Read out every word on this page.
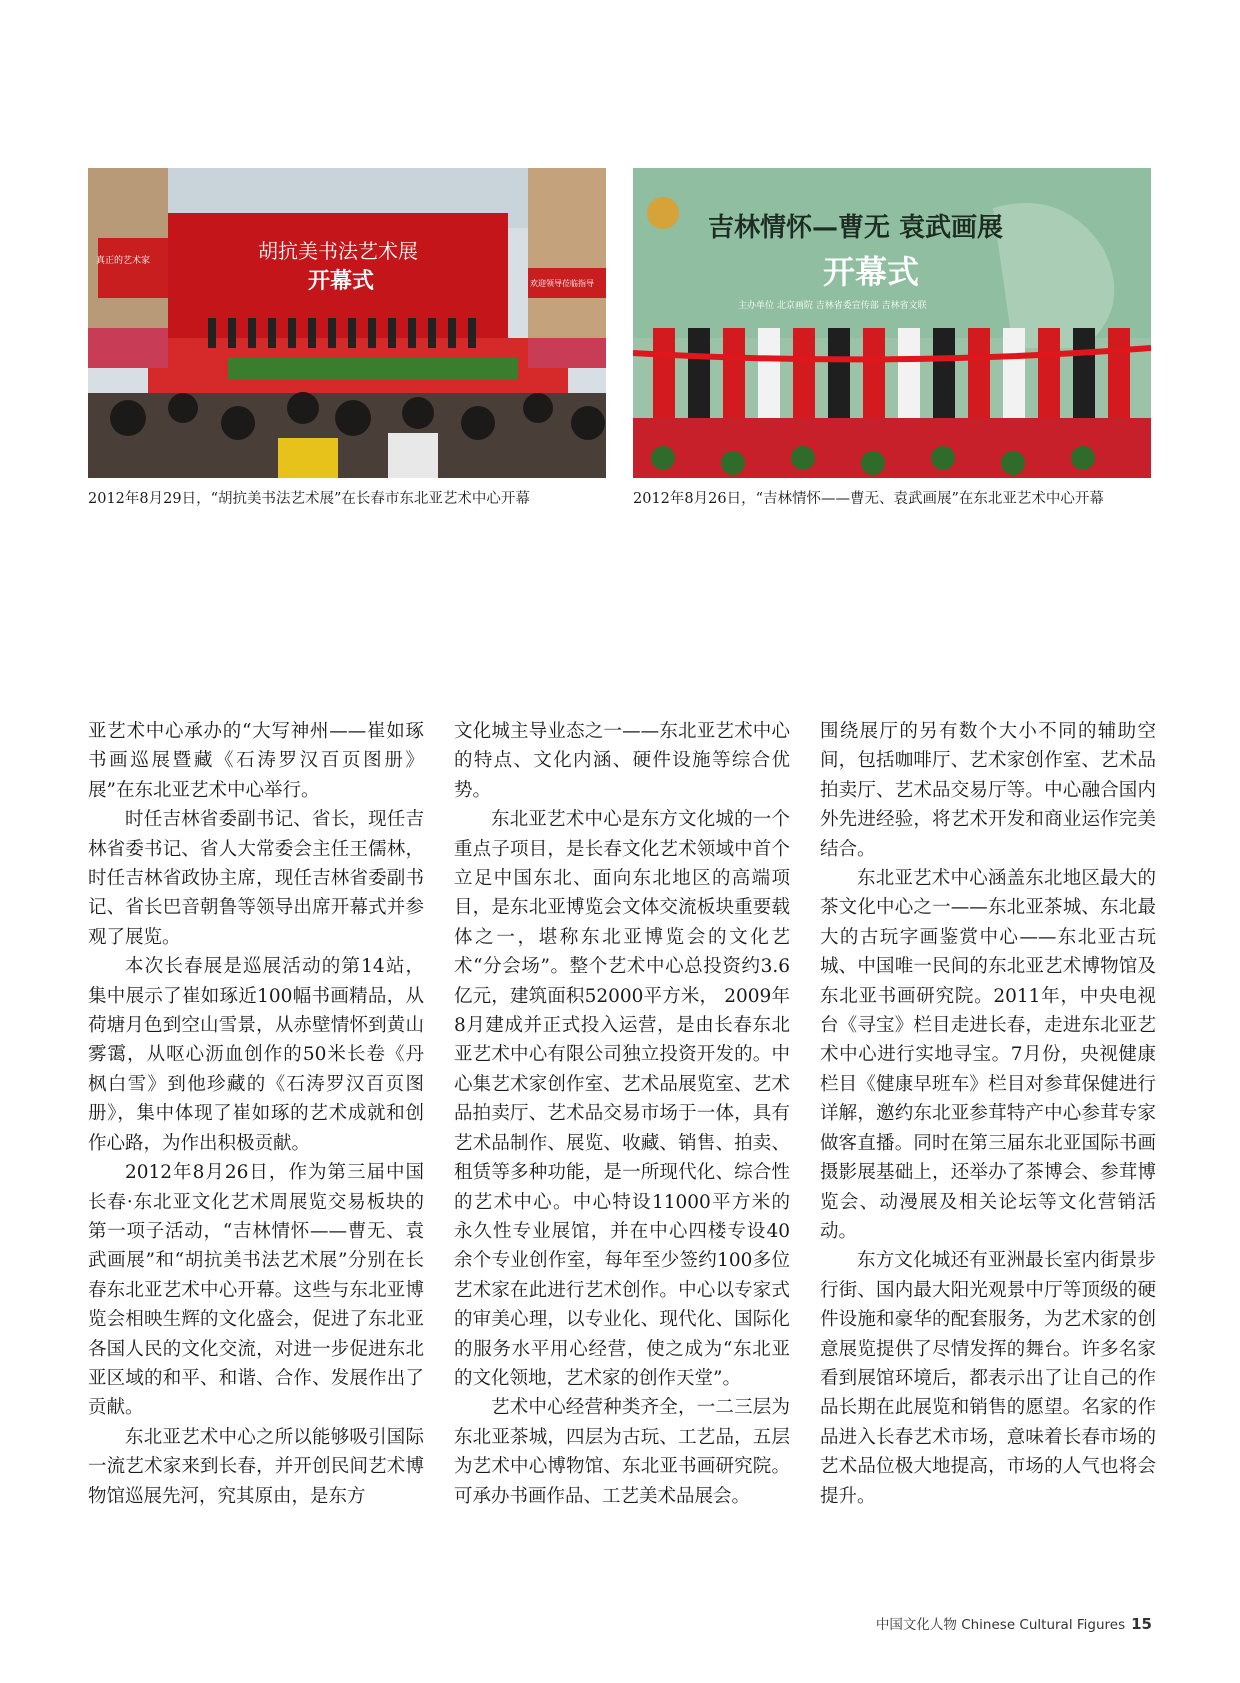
胡抗美书法艺术展
开幕式
真正的艺术家
欢迎领导莅临指导
吉林情怀—曹无 袁武画展
开幕式
主办单位 北京画院 吉林省委宣传部 吉林省文联
2012年8月29日，“胡抗美书法艺术展”在长春市东北亚艺术中心开幕	2012年8月26日，“吉林情怀——曹无、袁武画展”在东北亚艺术中心开幕

亚艺术中心承办的“大写神州——崔如琢书画巡展暨藏《石涛罗汉百页图册》展”在东北亚艺术中心举行。

时任吉林省委副书记、省长，现任吉林省委书记、省人大常委会主任王儒林，时任吉林省政协主席，现任吉林省委副书记、省长巴音朝鲁等领导出席开幕式并参观了展览。

本次长春展是巡展活动的第14站，集中展示了崔如琢近100幅书画精品，从荷塘月色到空山雪景，从赤壁情怀到黄山雾霭，从呕心沥血创作的50米长卷《丹枫白雪》到他珍藏的《石涛罗汉百页图册》，集中体现了崔如琢的艺术成就和创作心路，为作出积极贡献。

2012年8月26日，作为第三届中国长春·东北亚文化艺术周展览交易板块的第一项子活动，“吉林情怀——曹无、袁武画展”和“胡抗美书法艺术展”分别在长春东北亚艺术中心开幕。这些与东北亚博览会相映生辉的文化盛会，促进了东北亚各国人民的文化交流，对进一步促进东北亚区域的和平、和谐、合作、发展作出了贡献。

东北亚艺术中心之所以能够吸引国际一流艺术家来到长春，并开创民间艺术博物馆巡展先河，究其原由，是东方

文化城主导业态之一——东北亚艺术中心的特点、文化内涵、硬件设施等综合优势。

东北亚艺术中心是东方文化城的一个重点子项目，是长春文化艺术领域中首个立足中国东北、面向东北地区的高端项目，是东北亚博览会文体交流板块重要载体之一，堪称东北亚博览会的文化艺术“分会场”。整个艺术中心总投资约3.6亿元，建筑面积52000平方米， 2009年8月建成并正式投入运营，是由长春东北亚艺术中心有限公司独立投资开发的。中心集艺术家创作室、艺术品展览室、艺术品拍卖厅、艺术品交易市场于一体，具有艺术品制作、展览、收藏、销售、拍卖、租赁等多种功能，是一所现代化、综合性的艺术中心。中心特设11000平方米的永久性专业展馆，并在中心四楼专设40余个专业创作室，每年至少签约100多位艺术家在此进行艺术创作。中心以专家式的审美心理，以专业化、现代化、国际化的服务水平用心经营，使之成为“东北亚的文化领地，艺术家的创作天堂”。

艺术中心经营种类齐全，一二三层为东北亚茶城，四层为古玩、工艺品，五层为艺术中心博物馆、东北亚书画研究院。可承办书画作品、工艺美术品展会。

围绕展厅的另有数个大小不同的辅助空间，包括咖啡厅、艺术家创作室、艺术品拍卖厅、艺术品交易厅等。中心融合国内外先进经验，将艺术开发和商业运作完美结合。

东北亚艺术中心涵盖东北地区最大的茶文化中心之一——东北亚茶城、东北最大的古玩字画鉴赏中心——东北亚古玩城、中国唯一民间的东北亚艺术博物馆及东北亚书画研究院。2011年，中央电视台《寻宝》栏目走进长春，走进东北亚艺术中心进行实地寻宝。7月份，央视健康栏目《健康早班车》栏目对参茸保健进行详解，邀约东北亚参茸特产中心参茸专家做客直播。同时在第三届东北亚国际书画摄影展基础上，还举办了茶博会、参茸博览会、动漫展及相关论坛等文化营销活动。

东方文化城还有亚洲最长室内街景步行街、国内最大阳光观景中厅等顶级的硬件设施和豪华的配套服务，为艺术家的创意展览提供了尽情发挥的舞台。许多名家看到展馆环境后，都表示出了让自己的作品长期在此展览和销售的愿望。名家的作品进入长春艺术市场，意味着长春市场的艺术品位极大地提高，市场的人气也将会提升。

中国文化人物 Chinese Cultural Figures 15
